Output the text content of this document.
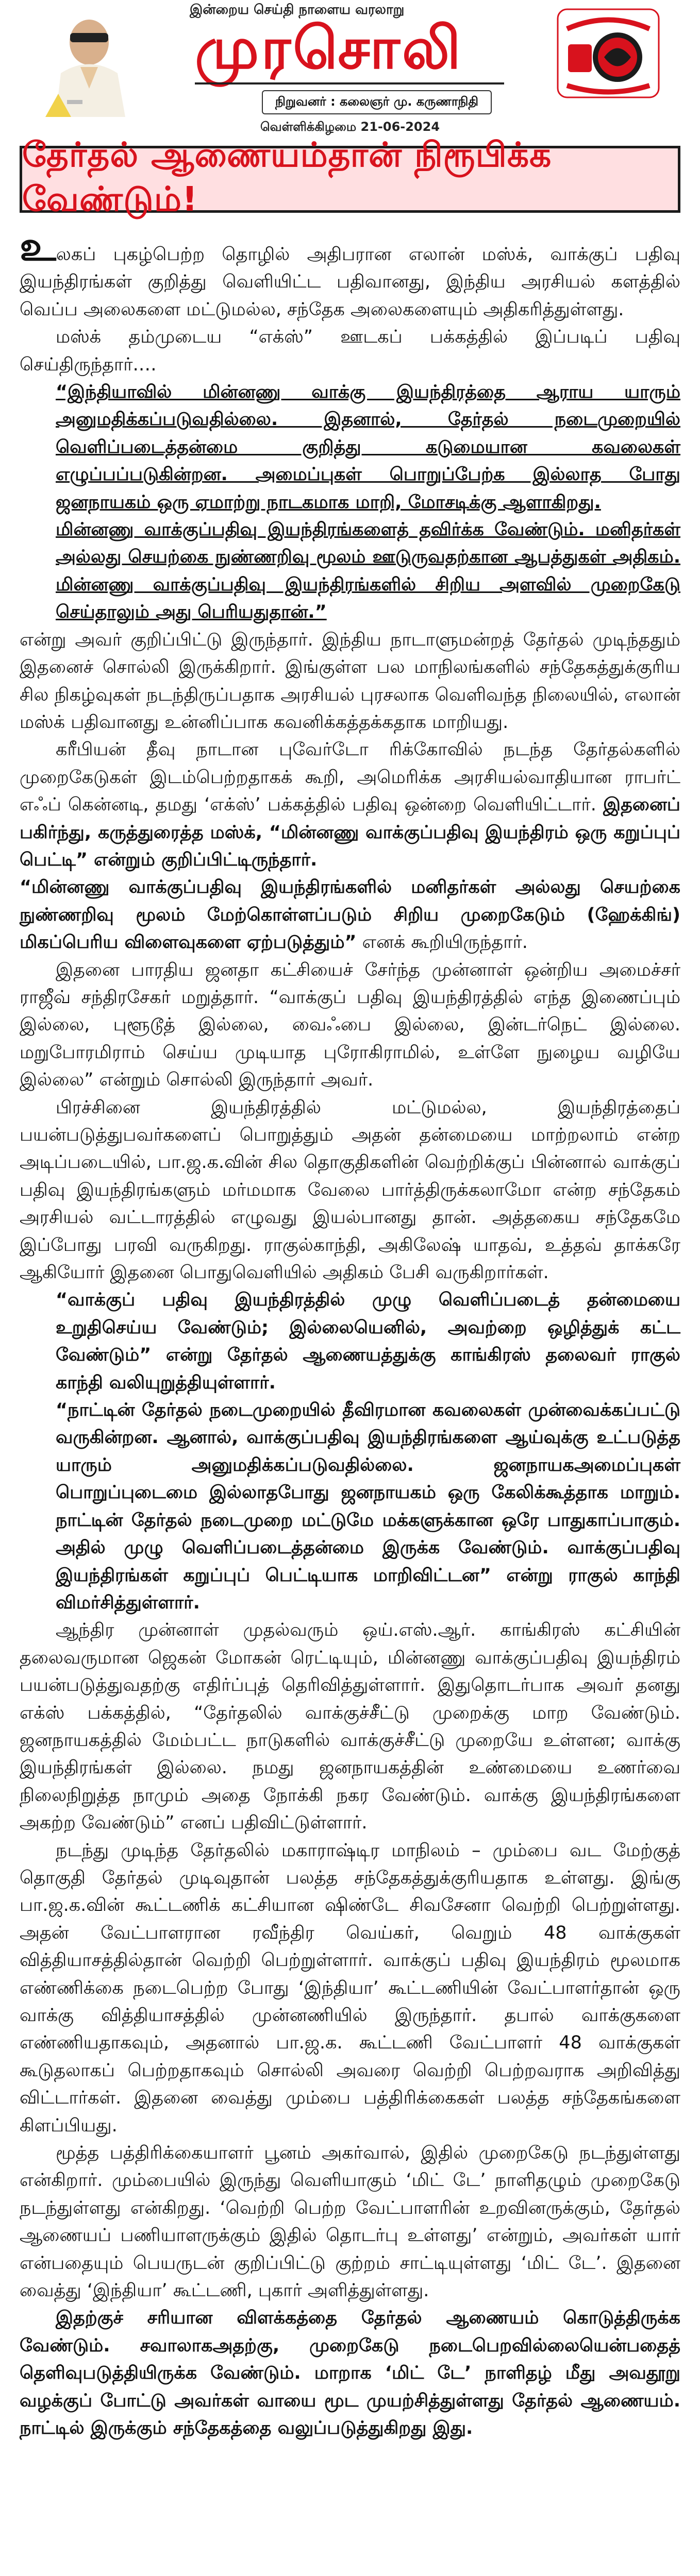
இன்றைய செய்தி நாளைய வரலாறு
முரசொலி
நிறுவனர் : கலைஞர் மு. கருணாநிதி
வெள்ளிக்கிழமை 21-06-2024
தேர்தல் ஆணையம்தான் நிரூபிக்க வேண்டும்!

உலகப் புகழ்பெற்ற தொழில் அதிபரான எலான் மஸ்க், வாக்குப் பதிவு இயந்திரங்கள் குறித்து வெளியிட்ட பதிவானது, இந்திய அரசியல் களத்தில் வெப்ப அலைகளை மட்டுமல்ல, சந்தேக அலைகளையும் அதிகரித்துள்ளது.

மஸ்க் தம்முடைய “எக்ஸ்” ஊடகப் பக்கத்தில் இப்படிப் பதிவு செய்திருந்தார்.…

“இந்தியாவில் மின்னணு வாக்கு இயந்திரத்தை ஆராய யாரும் அனுமதிக்கப்படுவதில்லை. இதனால், தேர்தல் நடைமுறையில் வெளிப்படைத்தன்மை குறித்து கடுமையான கவலைகள் எழுப்பப்படுகின்றன. அமைப்புகள் பொறுப்பேற்க இல்லாத போது ஜனநாயகம் ஒரு ஏமாற்று நாடகமாக மாறி, மோசடிக்கு ஆளாகிறது.

மின்னணு வாக்குப்பதிவு இயந்திரங்களைத் தவிர்க்க வேண்டும். மனிதர்கள் அல்லது செயற்கை நுண்ணறிவு மூலம் ஊடுருவதற்கான ஆபத்துகள் அதிகம். மின்னணு வாக்குப்பதிவு இயந்திரங்களில் சிறிய அளவில் முறைகேடு செய்தாலும் அது பெரியதுதான்.”

என்று அவர் குறிப்பிட்டு இருந்தார். இந்திய நாடாளுமன்றத் தேர்தல் முடிந்ததும் இதனைச் சொல்லி இருக்கிறார். இங்குள்ள பல மாநிலங்களில் சந்தேகத்துக்குரிய சில நிகழ்வுகள் நடந்திருப்பதாக அரசியல் புரசலாக வெளிவந்த நிலையில், எலான் மஸ்க் பதிவானது உன்னிப்பாக கவனிக்கத்தக்கதாக மாறியது.

கரீபியன் தீவு நாடான புவேர்டோ ரிக்கோவில் நடந்த தேர்தல்களில் முறைகேடுகள் இடம்பெற்றதாகக் கூறி, அமெரிக்க அரசியல்வாதியான ராபர்ட் எஃப் கென்னடி, தமது ‘எக்ஸ்’ பக்கத்தில் பதிவு ஒன்றை வெளியிட்டார். இதனைப் பகிர்ந்து, கருத்துரைத்த மஸ்க், “மின்னணு வாக்குப்பதிவு இயந்திரம் ஒரு கறுப்புப் பெட்டி” என்றும் குறிப்பிட்டிருந்தார்.

“மின்னணு வாக்குப்பதிவு இயந்திரங்களில் மனிதர்கள் அல்லது செயற்கை நுண்ணறிவு மூலம் மேற்கொள்ளப்படும் சிறிய முறைகேடும் (ஹேக்கிங்) மிகப்பெரிய விளைவுகளை ஏற்படுத்தும்” எனக் கூறியிருந்தார்.

இதனை பாரதிய ஜனதா கட்சியைச் சேர்ந்த முன்னாள் ஒன்றிய அமைச்சர் ராஜீவ் சந்திரசேகர் மறுத்தார். “வாக்குப் பதிவு இயந்திரத்தில் எந்த இணைப்பும் இல்லை, புளூடூத் இல்லை, வைஃபை இல்லை, இன்டர்நெட் இல்லை. மறுபோரமிராம் செய்ய முடியாத புரோகிராமில், உள்ளே நுழைய வழியே இல்லை” என்றும் சொல்லி இருந்தார் அவர்.

பிரச்சினை இயந்திரத்தில் மட்டுமல்ல, இயந்திரத்தைப் பயன்படுத்துபவர்களைப் பொறுத்தும் அதன் தன்மையை மாற்றலாம் என்ற அடிப்படையில், பா.ஜ.க.வின் சில தொகுதிகளின் வெற்றிக்குப் பின்னால் வாக்குப் பதிவு இயந்திரங்களும் மர்மமாக வேலை பார்த்திருக்கலாமோ என்ற சந்தேகம் அரசியல் வட்டாரத்தில் எழுவது இயல்பானது தான். அத்தகைய சந்தேகமே இப்போது பரவி வருகிறது. ராகுல்காந்தி, அகிலேஷ் யாதவ், உத்தவ் தாக்கரே ஆகியோர் இதனை பொதுவெளியில் அதிகம் பேசி வருகிறார்கள்.

“வாக்குப் பதிவு இயந்திரத்தில் முழு வெளிப்படைத் தன்மையை உறுதிசெய்ய வேண்டும்; இல்லையெனில், அவற்றை ஒழித்துக் கட்ட வேண்டும்” என்று தேர்தல் ஆணையத்துக்கு காங்கிரஸ் தலைவர் ராகுல் காந்தி வலியுறுத்தியுள்ளார்.

“நாட்டின் தேர்தல் நடைமுறையில் தீவிரமான கவலைகள் முன்வைக்கப்பட்டு வருகின்றன. ஆனால், வாக்குப்பதிவு இயந்திரங்களை ஆய்வுக்கு உட்படுத்த யாரும் அனுமதிக்கப்படுவதில்லை. ஜனநாயகஅமைப்புகள் பொறுப்புடைமை இல்லாதபோது ஜனநாயகம் ஒரு கேலிக்கூத்தாக மாறும். நாட்டின் தேர்தல் நடைமுறை மட்டுமே மக்களுக்கான ஒரே பாதுகாப்பாகும். அதில் முழு வெளிப்படைத்தன்மை இருக்க வேண்டும். வாக்குப்பதிவு இயந்திரங்கள் கறுப்புப் பெட்டியாக மாறிவிட்டன” என்று ராகுல் காந்தி விமர்சித்துள்ளார்.

ஆந்திர முன்னாள் முதல்வரும் ஒய்.எஸ்.ஆர். காங்கிரஸ் கட்சியின் தலைவருமான ஜெகன் மோகன் ரெட்டியும், மின்னணு வாக்குப்பதிவு இயந்திரம் பயன்படுத்துவதற்கு எதிர்ப்புத் தெரிவித்துள்ளார். இதுதொடர்பாக அவர் தனது எக்ஸ் பக்கத்தில், “தேர்தலில் வாக்குச்சீட்டு முறைக்கு மாற வேண்டும். ஜனநாயகத்தில் மேம்பட்ட நாடுகளில் வாக்குச்சீட்டு முறையே உள்ளன; வாக்கு இயந்திரங்கள் இல்லை. நமது ஜனநாயகத்தின் உண்மையை உணர்வை நிலைநிறுத்த நாமும் அதை நோக்கி நகர வேண்டும். வாக்கு இயந்திரங்களை அகற்ற வேண்டும்” எனப் பதிவிட்டுள்ளார்.

நடந்து முடிந்த தேர்தலில் மகாராஷ்டிர மாநிலம் – மும்பை வட மேற்குத் தொகுதி தேர்தல் முடிவுதான் பலத்த சந்தேகத்துக்குரியதாக உள்ளது. இங்கு பா.ஜ.க.வின் கூட்டணிக் கட்சியான ஷிண்டே சிவசேனா வெற்றி பெற்றுள்ளது. அதன் வேட்பாளரான ரவீந்திர வெய்கர், வெறும் 48 வாக்குகள் வித்தியாசத்தில்தான் வெற்றி பெற்றுள்ளார். வாக்குப் பதிவு இயந்திரம் மூலமாக எண்ணிக்கை நடைபெற்ற போது ‘இந்தியா’ கூட்டணியின் வேட்பாளர்தான் ஒரு வாக்கு வித்தியாசத்தில் முன்னணியில் இருந்தார். தபால் வாக்குகளை எண்ணியதாகவும், அதனால் பா.ஜ.க. கூட்டணி வேட்பாளர் 48 வாக்குகள் கூடுதலாகப் பெற்றதாகவும் சொல்லி அவரை வெற்றி பெற்றவராக அறிவித்து விட்டார்கள். இதனை வைத்து மும்பை பத்திரிக்கைகள் பலத்த சந்தேகங்களை கிளப்பியது.

மூத்த பத்திரிக்கையாளர் பூனம் அகர்வால், இதில் முறைகேடு நடந்துள்ளது என்கிறார். மும்பையில் இருந்து வெளியாகும் ‘மிட் டே’ நாளிதழும் முறைகேடு நடந்துள்ளது என்கிறது. ‘வெற்றி பெற்ற வேட்பாளரின் உறவினருக்கும், தேர்தல் ஆணையப் பணியாளருக்கும் இதில் தொடர்பு உள்ளது’ என்றும், அவர்கள் யார் என்பதையும் பெயருடன் குறிப்பிட்டு குற்றம் சாட்டியுள்ளது ‘மிட் டே’. இதனை வைத்து ‘இந்தியா’ கூட்டணி, புகார் அளித்துள்ளது.

இதற்குச் சரியான விளக்கத்தை தேர்தல் ஆணையம் கொடுத்திருக்க வேண்டும். சவாலாகஅதற்கு, முறைகேடு நடைபெறவில்லையென்பதைத் தெளிவுபடுத்தியிருக்க வேண்டும். மாறாக ‘மிட் டே’ நாளிதழ் மீது அவதூறு வழக்குப் போட்டு அவர்கள் வாயை மூட முயற்சித்துள்ளது தேர்தல் ஆணையம். நாட்டில் இருக்கும் சந்தேகத்தை வலுப்படுத்துகிறது இது.
